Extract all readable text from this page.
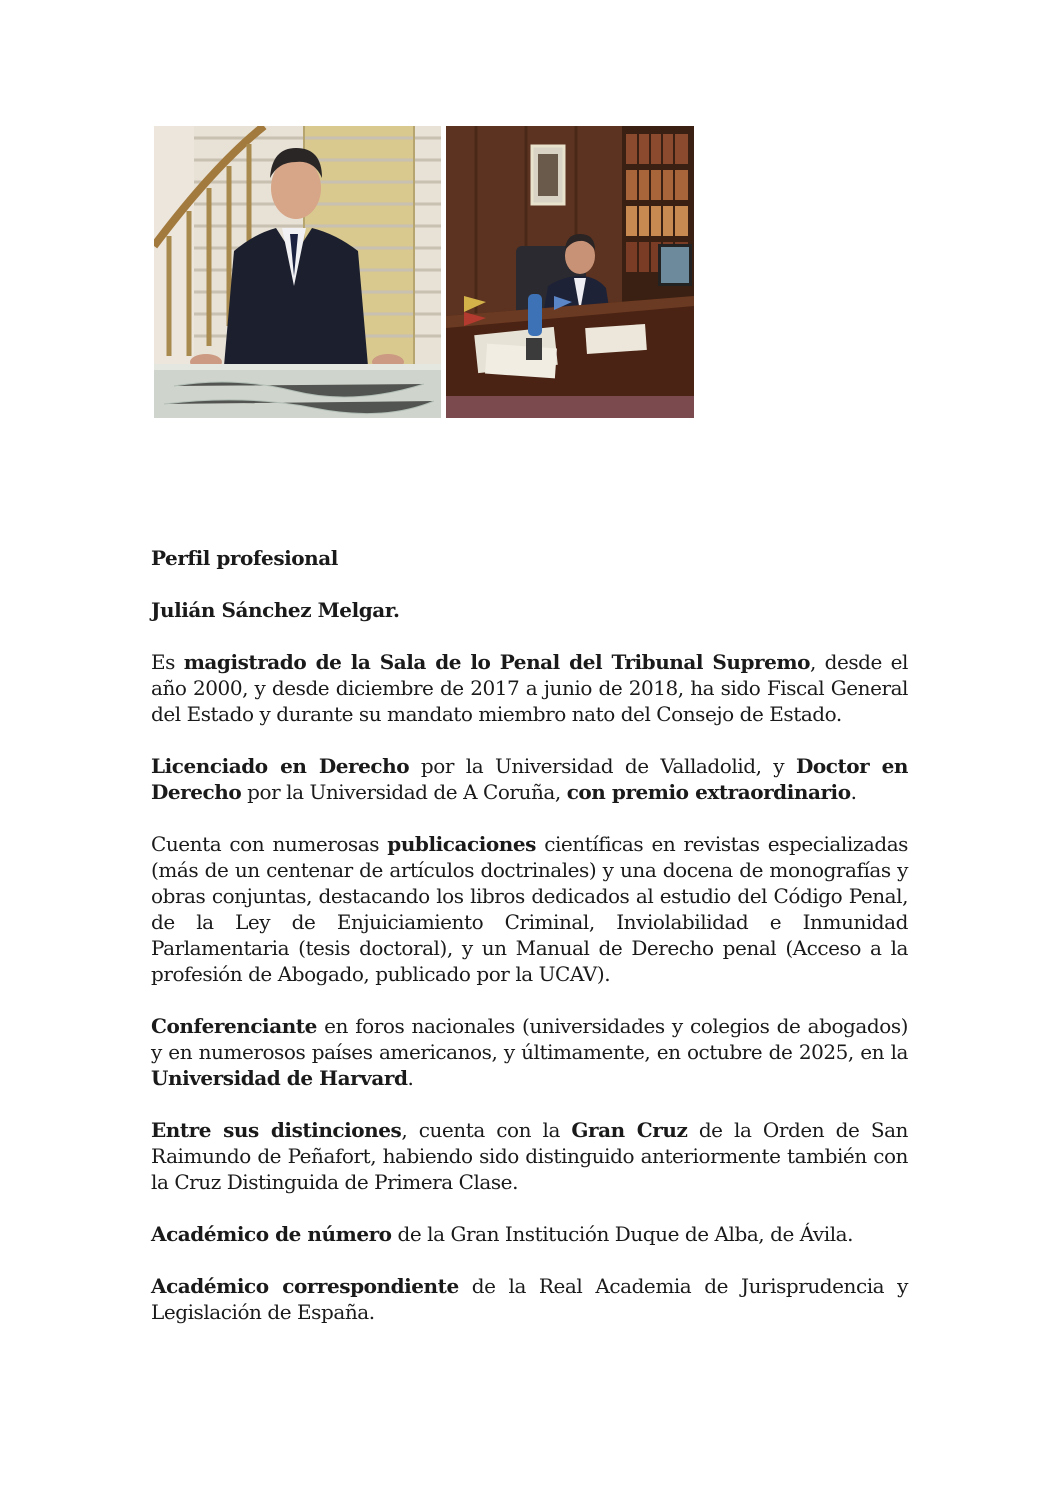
Perfil profesional

Julián Sánchez Melgar.

Es magistrado de la Sala de lo Penal del Tribunal Supremo, desde el año 2000, y desde diciembre de 2017 a junio de 2018, ha sido Fiscal General del Estado y durante su mandato miembro nato del Consejo de Estado.

Licenciado en Derecho por la Universidad de Valladolid, y Doctor en Derecho por la Universidad de A Coruña, con premio extraordinario.

Cuenta con numerosas publicaciones científicas en revistas especializadas (más de un centenar de artículos doctrinales) y una docena de monografías y obras conjuntas, destacando los libros dedicados al estudio del Código Penal, de la Ley de Enjuiciamiento Criminal, Inviolabilidad e Inmunidad Parlamentaria (tesis doctoral), y un Manual de Derecho penal (Acceso a la profesión de Abogado, publicado por la UCAV).

Conferenciante en foros nacionales (universidades y colegios de abogados) y en numerosos países americanos, y últimamente, en octubre de 2025, en la Universidad de Harvard.

Entre sus distinciones, cuenta con la Gran Cruz de la Orden de San Raimundo de Peñafort, habiendo sido distinguido anteriormente también con la Cruz Distinguida de Primera Clase.

Académico de número de la Gran Institución Duque de Alba, de Ávila.

Académico correspondiente de la Real Academia de Jurisprudencia y Legislación de España.
